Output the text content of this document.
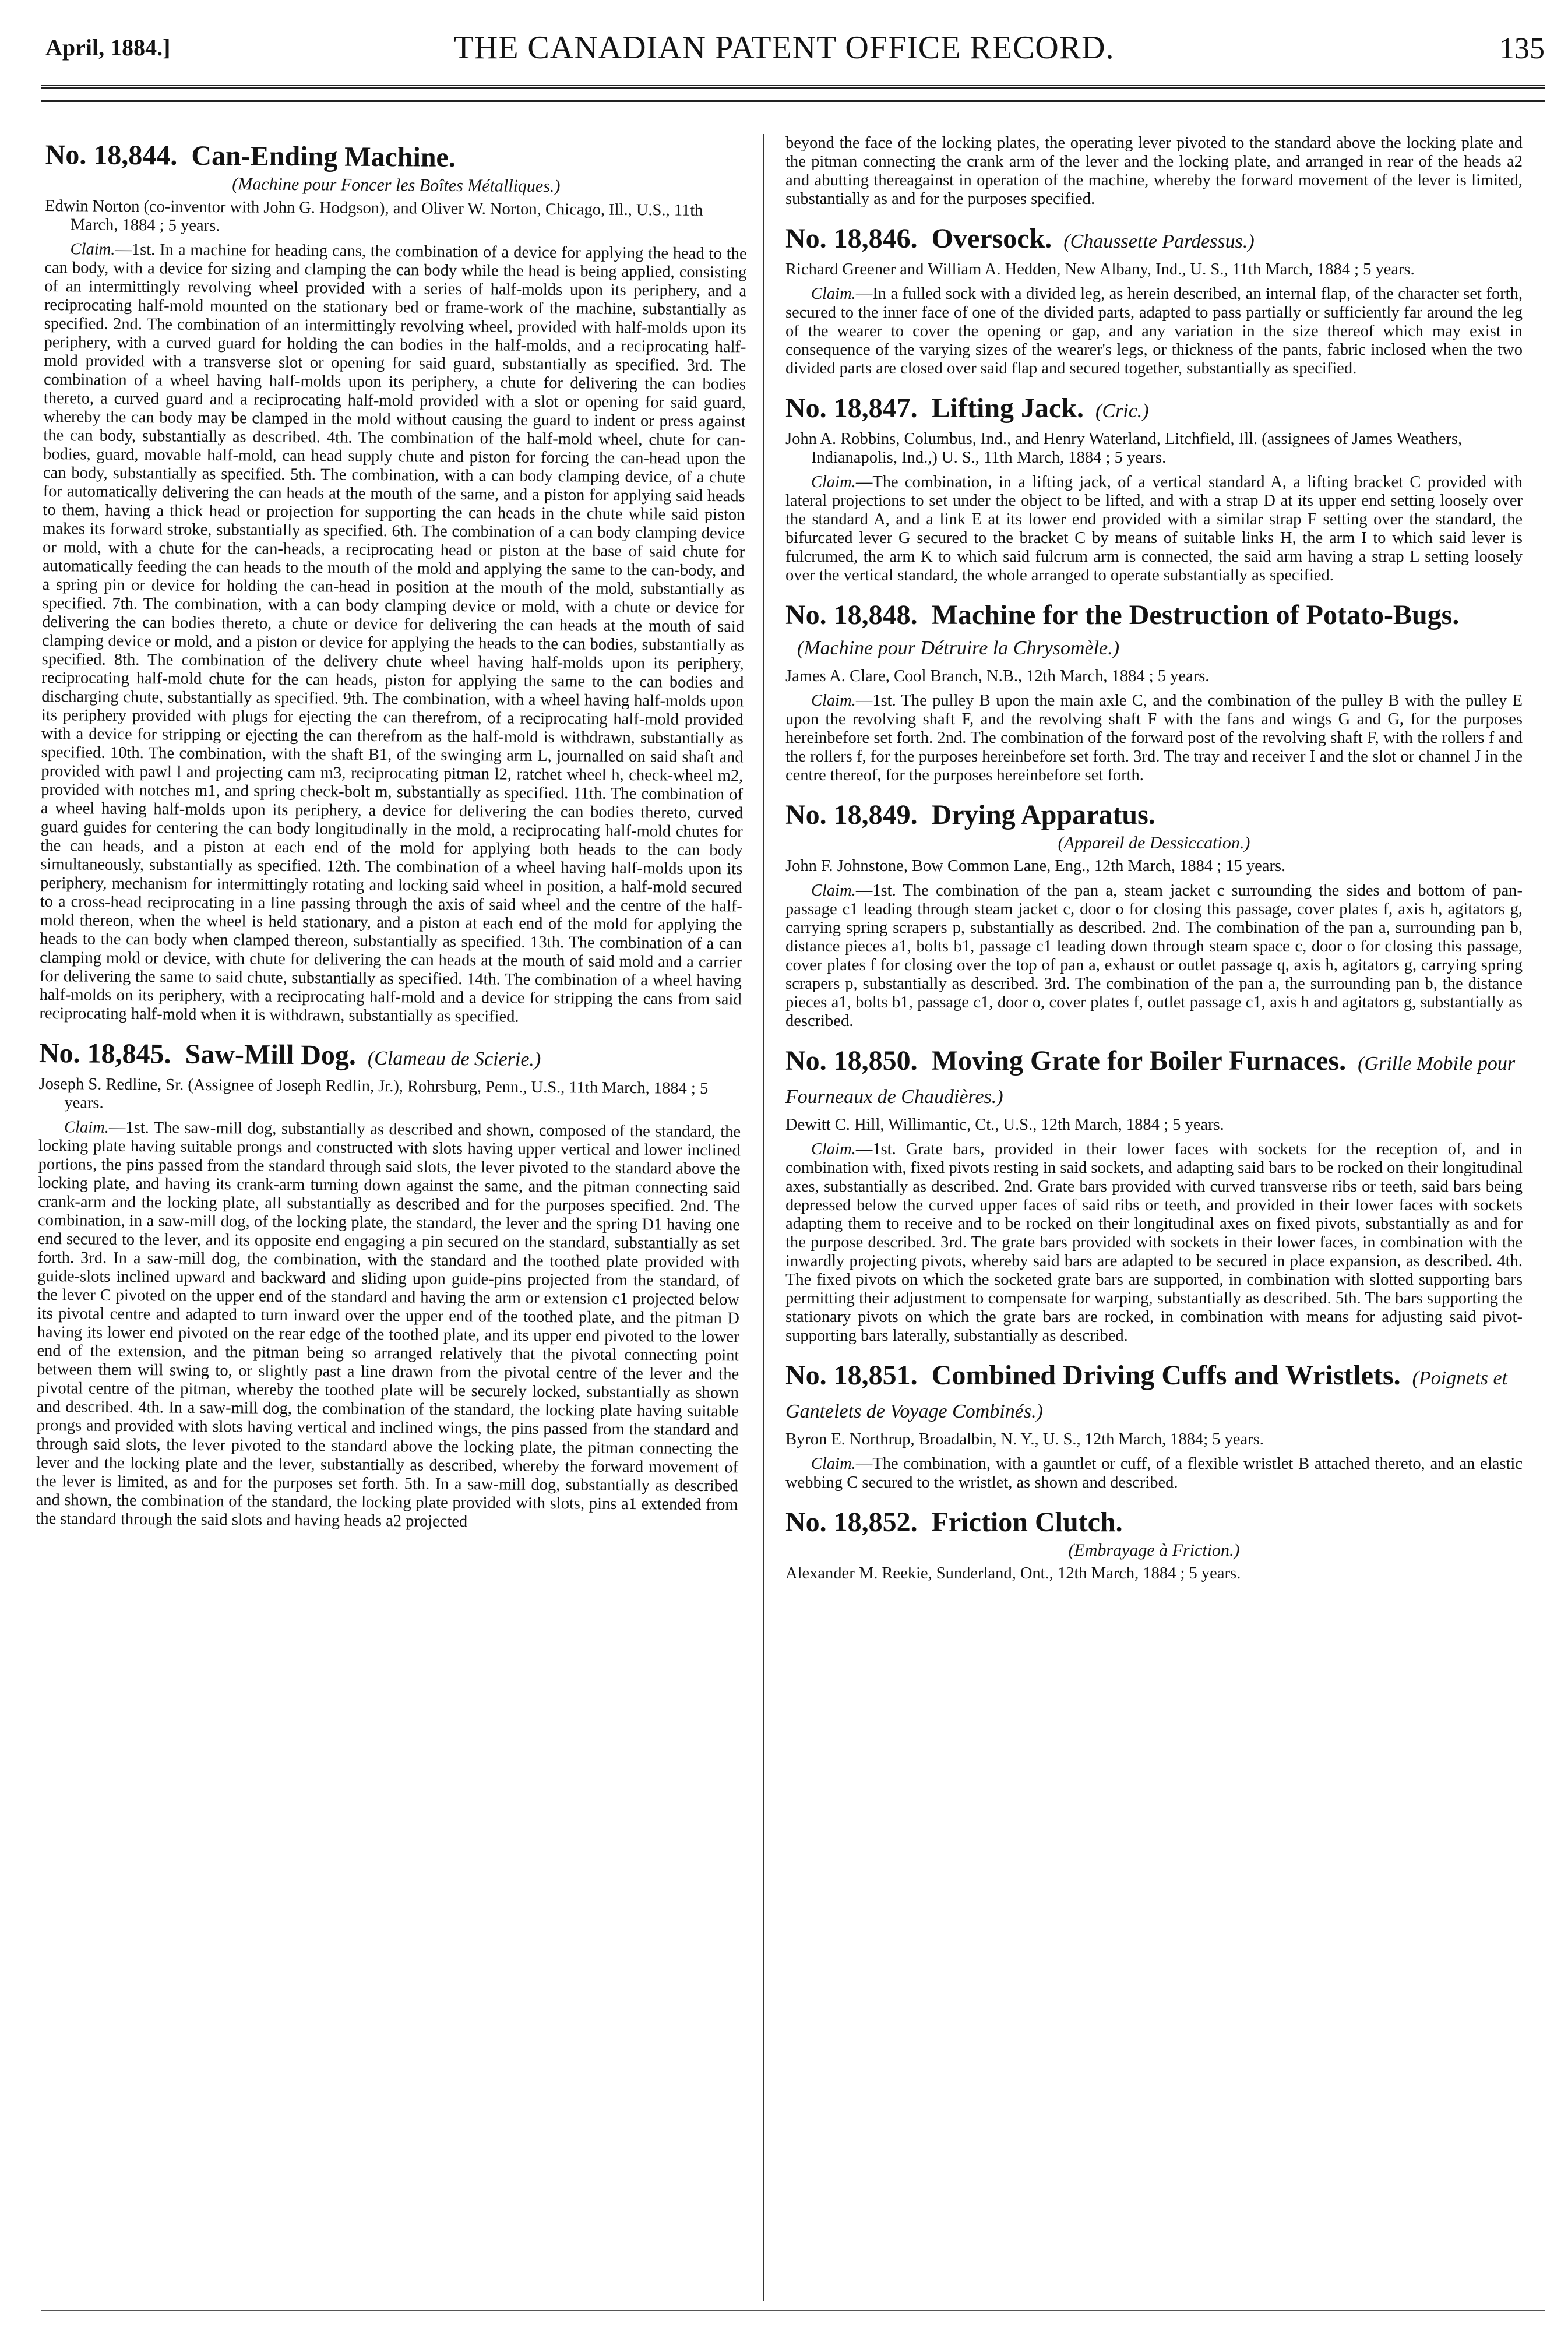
April, 1884.]	THE CANADIAN PATENT OFFICE RECORD.	135
No. 18,844. Can-Ending Machine.
(Machine pour Foncer les Boîtes Métalliques.)
Edwin Norton (co-inventor with John G. Hodgson), and Oliver W. Norton, Chicago, Ill., U.S., 11th March, 1884 ; 5 years.

Claim.—1st. In a machine for heading cans, the combination of a device for applying the head to the can body, with a device for sizing and clamping the can body while the head is being applied, consisting of an intermittingly revolving wheel provided with a series of half-molds upon its periphery, and a reciprocating half-mold mounted on the stationary bed or frame-work of the machine, substantially as specified. 2nd. The combination of an intermittingly revolving wheel, provided with half-molds upon its periphery, with a curved guard for holding the can bodies in the half-molds, and a reciprocating half-mold provided with a transverse slot or opening for said guard, substantially as specified. 3rd. The combination of a wheel having half-molds upon its periphery, a chute for delivering the can bodies thereto, a curved guard and a reciprocating half-mold provided with a slot or opening for said guard, whereby the can body may be clamped in the mold without causing the guard to indent or press against the can body, substantially as described. 4th. The combination of the half-mold wheel, chute for can-bodies, guard, movable half-mold, can head supply chute and piston for forcing the can-head upon the can body, substantially as specified. 5th. The combination, with a can body clamping device, of a chute for automatically delivering the can heads at the mouth of the same, and a piston for applying said heads to them, having a thick head or projection for supporting the can heads in the chute while said piston makes its forward stroke, substantially as specified. 6th. The combination of a can body clamping device or mold, with a chute for the can-heads, a reciprocating head or piston at the base of said chute for automatically feeding the can heads to the mouth of the mold and applying the same to the can-body, and a spring pin or device for holding the can-head in position at the mouth of the mold, substantially as specified. 7th. The combination, with a can body clamping device or mold, with a chute or device for delivering the can bodies thereto, a chute or device for delivering the can heads at the mouth of said clamping device or mold, and a piston or device for applying the heads to the can bodies, substantially as specified. 8th. The combination of the delivery chute wheel having half-molds upon its periphery, reciprocating half-mold chute for the can heads, piston for applying the same to the can bodies and discharging chute, substantially as specified. 9th. The combination, with a wheel having half-molds upon its periphery provided with plugs for ejecting the can therefrom, of a reciprocating half-mold provided with a device for stripping or ejecting the can therefrom as the half-mold is withdrawn, substantially as specified. 10th. The combination, with the shaft B1, of the swinging arm L, journalled on said shaft and provided with pawl l and projecting cam m3, reciprocating pitman l2, ratchet wheel h, check-wheel m2, provided with notches m1, and spring check-bolt m, substantially as specified. 11th. The combination of a wheel having half-molds upon its periphery, a device for delivering the can bodies thereto, curved guard guides for centering the can body longitudinally in the mold, a reciprocating half-mold chutes for the can heads, and a piston at each end of the mold for applying both heads to the can body simultaneously, substantially as specified. 12th. The combination of a wheel having half-molds upon its periphery, mechanism for intermittingly rotating and locking said wheel in position, a half-mold secured to a cross-head reciprocating in a line passing through the axis of said wheel and the centre of the half-mold thereon, when the wheel is held stationary, and a piston at each end of the mold for applying the heads to the can body when clamped thereon, substantially as specified. 13th. The combination of a can clamping mold or device, with chute for delivering the can heads at the mouth of said mold and a carrier for delivering the same to said chute, substantially as specified. 14th. The combination of a wheel having half-molds on its periphery, with a reciprocating half-mold and a device for stripping the cans from said reciprocating half-mold when it is withdrawn, substantially as specified.

No. 18,845. Saw-Mill Dog. (Clameau de Scierie.)
Joseph S. Redline, Sr. (Assignee of Joseph Redlin, Jr.), Rohrsburg, Penn., U.S., 11th March, 1884 ; 5 years.

Claim.—1st. The saw-mill dog, substantially as described and shown, composed of the standard, the locking plate having suitable prongs and constructed with slots having upper vertical and lower inclined portions, the pins passed from the standard through said slots, the lever pivoted to the standard above the locking plate, and having its crank-arm turning down against the same, and the pitman connecting said crank-arm and the locking plate, all substantially as described and for the purposes specified. 2nd. The combination, in a saw-mill dog, of the locking plate, the standard, the lever and the spring D1 having one end secured to the lever, and its opposite end engaging a pin secured on the standard, substantially as set forth. 3rd. In a saw-mill dog, the combination, with the standard and the toothed plate provided with guide-slots inclined upward and backward and sliding upon guide-pins projected from the standard, of the lever C pivoted on the upper end of the standard and having the arm or extension c1 projected below its pivotal centre and adapted to turn inward over the upper end of the toothed plate, and the pitman D having its lower end pivoted on the rear edge of the toothed plate, and its upper end pivoted to the lower end of the extension, and the pitman being so arranged relatively that the pivotal connecting point between them will swing to, or slightly past a line drawn from the pivotal centre of the lever and the pivotal centre of the pitman, whereby the toothed plate will be securely locked, substantially as shown and described. 4th. In a saw-mill dog, the combination of the standard, the locking plate having suitable prongs and provided with slots having vertical and inclined wings, the pins passed from the standard and through said slots, the lever pivoted to the standard above the locking plate, the pitman connecting the lever and the locking plate and the lever, substantially as described, whereby the forward movement of the lever is limited, as and for the purposes set forth. 5th. In a saw-mill dog, substantially as described and shown, the combination of the standard, the locking plate provided with slots, pins a1 extended from the standard through the said slots and having heads a2 projected

beyond the face of the locking plates, the operating lever pivoted to the standard above the locking plate and the pitman connecting the crank arm of the lever and the locking plate, and arranged in rear of the heads a2 and abutting thereagainst in operation of the machine, whereby the forward movement of the lever is limited, substantially as and for the purposes specified.

No. 18,846. Oversock. (Chaussette Pardessus.)
Richard Greener and William A. Hedden, New Albany, Ind., U. S., 11th March, 1884 ; 5 years.

Claim.—In a fulled sock with a divided leg, as herein described, an internal flap, of the character set forth, secured to the inner face of one of the divided parts, adapted to pass partially or sufficiently far around the leg of the wearer to cover the opening or gap, and any variation in the size thereof which may exist in consequence of the varying sizes of the wearer's legs, or thickness of the pants, fabric inclosed when the two divided parts are closed over said flap and secured together, substantially as specified.

No. 18,847. Lifting Jack. (Cric.)
John A. Robbins, Columbus, Ind., and Henry Waterland, Litchfield, Ill. (assignees of James Weathers, Indianapolis, Ind.,) U. S., 11th March, 1884 ; 5 years.

Claim.—The combination, in a lifting jack, of a vertical standard A, a lifting bracket C provided with lateral projections to set under the object to be lifted, and with a strap D at its upper end setting loosely over the standard A, and a link E at its lower end provided with a similar strap F setting over the standard, the bifurcated lever G secured to the bracket C by means of suitable links H, the arm I to which said lever is fulcrumed, the arm K to which said fulcrum arm is connected, the said arm having a strap L setting loosely over the vertical standard, the whole arranged to operate substantially as specified.

No. 18,848. Machine for the Destruction of Potato-Bugs.(Machine pour Détruire la Chrysomèle.)
James A. Clare, Cool Branch, N.B., 12th March, 1884 ; 5 years.

Claim.—1st. The pulley B upon the main axle C, and the combination of the pulley B with the pulley E upon the revolving shaft F, and the revolving shaft F with the fans and wings G and G, for the purposes hereinbefore set forth. 2nd. The combination of the forward post of the revolving shaft F, with the rollers f and the rollers f, for the purposes hereinbefore set forth. 3rd. The tray and receiver I and the slot or channel J in the centre thereof, for the purposes hereinbefore set forth.

No. 18,849. Drying Apparatus.
(Appareil de Dessiccation.)
John F. Johnstone, Bow Common Lane, Eng., 12th March, 1884 ; 15 years.

Claim.—1st. The combination of the pan a, steam jacket c surrounding the sides and bottom of pan-passage c1 leading through steam jacket c, door o for closing this passage, cover plates f, axis h, agitators g, carrying spring scrapers p, substantially as described. 2nd. The combination of the pan a, surrounding pan b, distance pieces a1, bolts b1, passage c1 leading down through steam space c, door o for closing this passage, cover plates f for closing over the top of pan a, exhaust or outlet passage q, axis h, agitators g, carrying spring scrapers p, substantially as described. 3rd. The combination of the pan a, the surrounding pan b, the distance pieces a1, bolts b1, passage c1, door o, cover plates f, outlet passage c1, axis h and agitators g, substantially as described.

No. 18,850. Moving Grate for Boiler Furnaces. (Grille Mobile pour Fourneaux de Chaudières.)
Dewitt C. Hill, Willimantic, Ct., U.S., 12th March, 1884 ; 5 years.

Claim.—1st. Grate bars, provided in their lower faces with sockets for the reception of, and in combination with, fixed pivots resting in said sockets, and adapting said bars to be rocked on their longitudinal axes, substantially as described. 2nd. Grate bars provided with curved transverse ribs or teeth, said bars being depressed below the curved upper faces of said ribs or teeth, and provided in their lower faces with sockets adapting them to receive and to be rocked on their longitudinal axes on fixed pivots, substantially as and for the purpose described. 3rd. The grate bars provided with sockets in their lower faces, in combination with the inwardly projecting pivots, whereby said bars are adapted to be secured in place expansion, as described. 4th. The fixed pivots on which the socketed grate bars are supported, in combination with slotted supporting bars permitting their adjustment to compensate for warping, substantially as described. 5th. The bars supporting the stationary pivots on which the grate bars are rocked, in combination with means for adjusting said pivot-supporting bars laterally, substantially as described.

No. 18,851. Combined Driving Cuffs and Wristlets. (Poignets et Gantelets de Voyage Combinés.)
Byron E. Northrup, Broadalbin, N. Y., U. S., 12th March, 1884; 5 years.

Claim.—The combination, with a gauntlet or cuff, of a flexible wristlet B attached thereto, and an elastic webbing C secured to the wristlet, as shown and described.

No. 18,852. Friction Clutch.
(Embrayage à Friction.)
Alexander M. Reekie, Sunderland, Ont., 12th March, 1884 ; 5 years.
